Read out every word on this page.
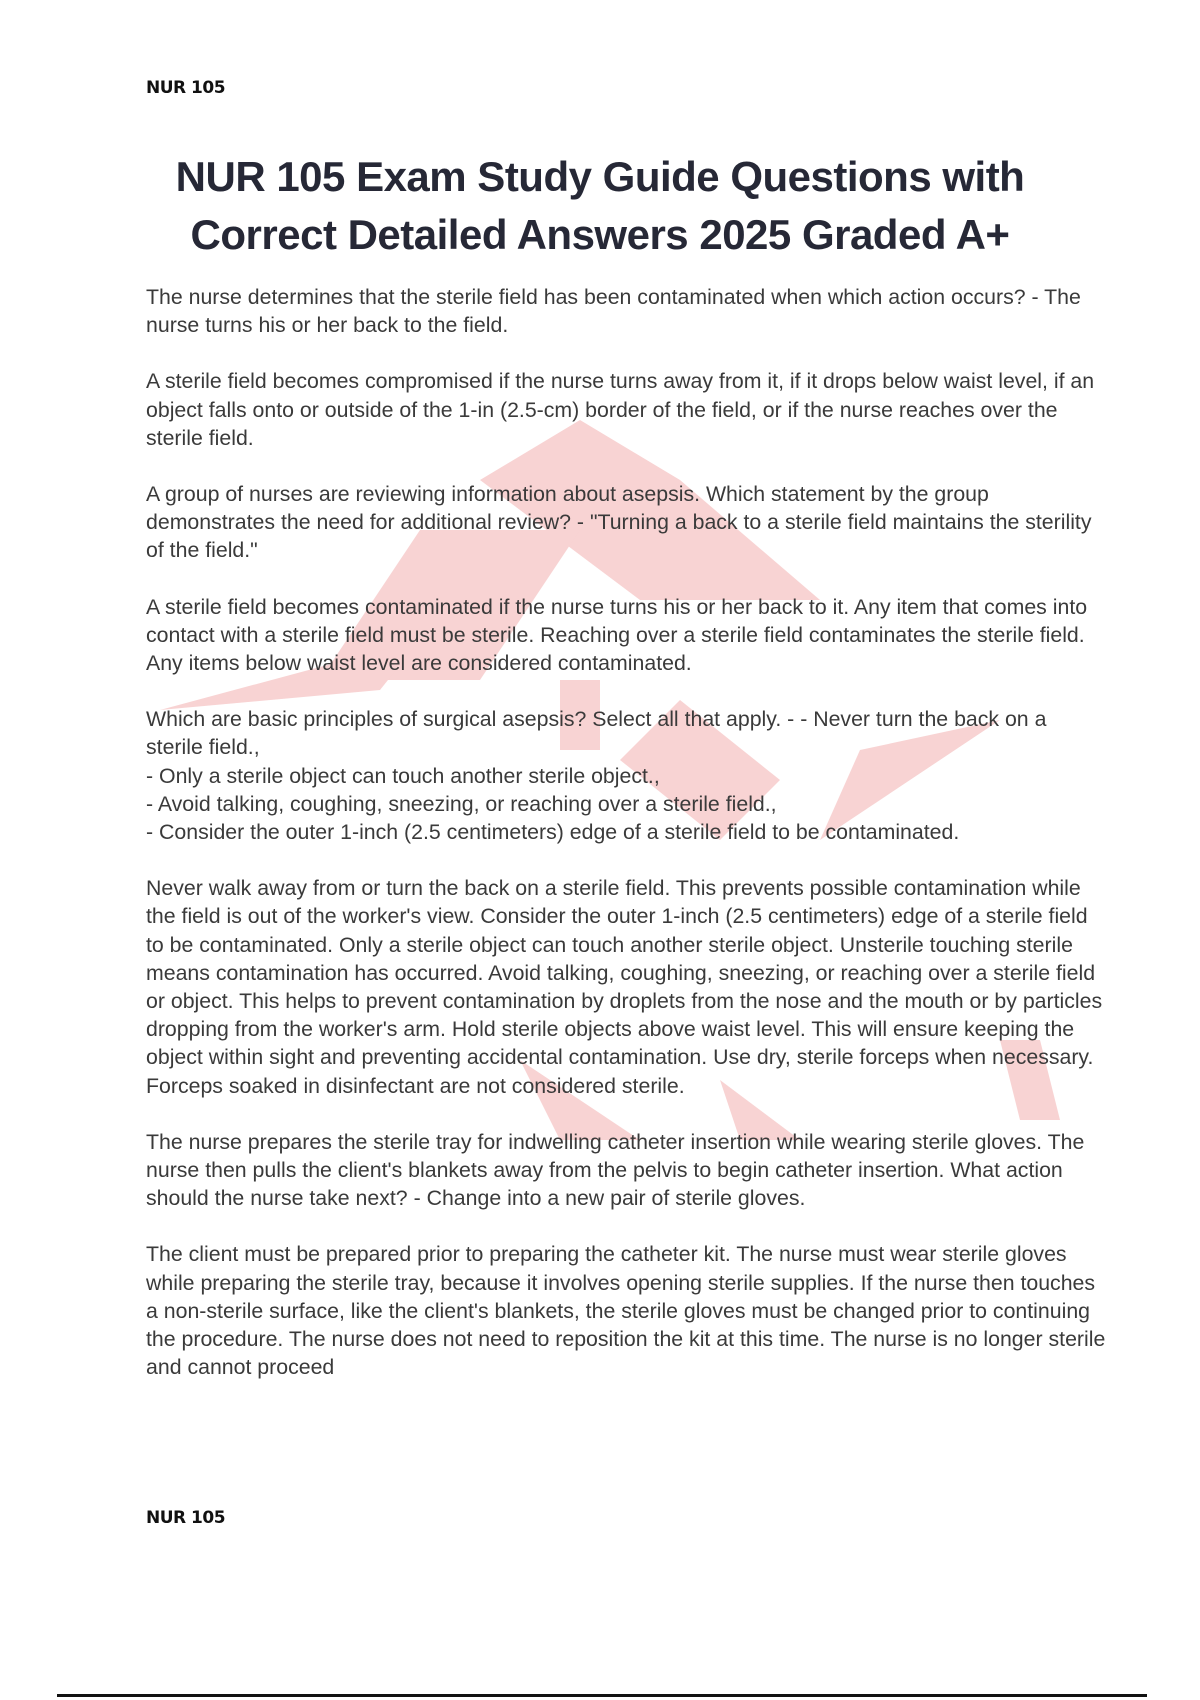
NUR 105
NUR 105 Exam Study Guide Questions with
Correct Detailed Answers 2025 Graded A+

The nurse determines that the sterile field has been contaminated when which action occurs? - The nurse turns his or her back to the field.

A sterile field becomes compromised if the nurse turns away from it, if it drops below waist level, if an object falls onto or outside of the 1-in (2.5-cm) border of the field, or if the nurse reaches over the sterile field.

A group of nurses are reviewing information about asepsis. Which statement by the group demonstrates the need for additional review? - "Turning a back to a sterile field maintains the sterility of the field."

A sterile field becomes contaminated if the nurse turns his or her back to it. Any item that comes into contact with a sterile field must be sterile. Reaching over a sterile field contaminates the sterile field. Any items below waist level are considered contaminated.

Which are basic principles of surgical asepsis? Select all that apply. - - Never turn the back on a sterile field.,
- Only a sterile object can touch another sterile object.,
- Avoid talking, coughing, sneezing, or reaching over a sterile field.,
- Consider the outer 1-inch (2.5 centimeters) edge of a sterile field to be contaminated.

Never walk away from or turn the back on a sterile field. This prevents possible contamination while the field is out of the worker's view. Consider the outer 1-inch (2.5 centimeters) edge of a sterile field to be contaminated. Only a sterile object can touch another sterile object. Unsterile touching sterile means contamination has occurred. Avoid talking, coughing, sneezing, or reaching over a sterile field or object. This helps to prevent contamination by droplets from the nose and the mouth or by particles dropping from the worker's arm. Hold sterile objects above waist level. This will ensure keeping the object within sight and preventing accidental contamination. Use dry, sterile forceps when necessary. Forceps soaked in disinfectant are not considered sterile.

The nurse prepares the sterile tray for indwelling catheter insertion while wearing sterile gloves. The nurse then pulls the client's blankets away from the pelvis to begin catheter insertion. What action should the nurse take next? - Change into a new pair of sterile gloves.

The client must be prepared prior to preparing the catheter kit. The nurse must wear sterile gloves while preparing the sterile tray, because it involves opening sterile supplies. If the nurse then touches a non-sterile surface, like the client's blankets, the sterile gloves must be changed prior to continuing the procedure. The nurse does not need to reposition the kit at this time. The nurse is no longer sterile and cannot proceed

NUR 105
